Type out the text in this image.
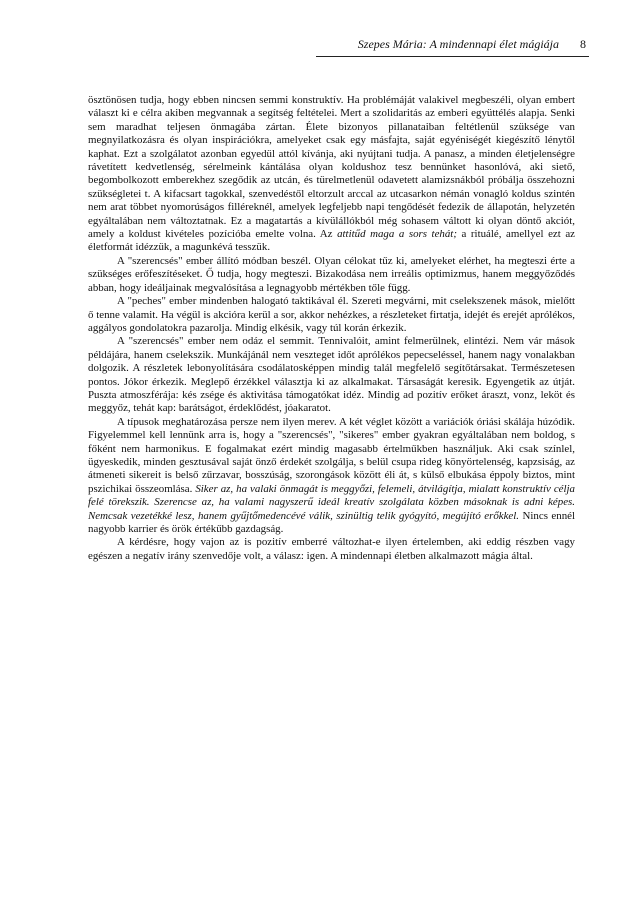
Szepes Mária: A mindennapi élet mágiája 8

ösztönösen tudja, hogy ebben nincsen semmi konstruktív. Ha problémáját valakivel megbeszéli, olyan embert választ ki e célra akiben megvannak a segítség feltételei. Mert a szolidaritás az emberi együttélés alapja. Senki sem maradhat teljesen önmagába zártan. Élete bizonyos pillanataiban feltétlenül szüksége van megnyilatkozásra és olyan inspirációkra, amelyeket csak egy másfajta, saját egyéniségét kiegészítő lénytől kaphat. Ezt a szolgálatot azonban egyedül attól kívánja, aki nyújtani tudja. A panasz, a minden életjelenségre rávetített kedvetlenség, sérelmeink kántálása olyan koldushoz tesz bennünket hasonlóvá, aki siető, begombolkozott emberekhez szegődik az utcán, és türelmetlenül odavetett alamizsnákból próbálja összehozni szükségletei t. A kifacsart tagokkal, szenvedéstől eltorzult arccal az utcasarkon némán vonagló koldus szintén nem arat többet nyomorúságos filléreknél, amelyek legfeljebb napi tengődését fedezik de állapotán, helyzetén egyáltalában nem változtatnak. Ez a magatartás a kívülállókból még sohasem váltott ki olyan döntő akciót, amely a koldust kivételes pozícióba emelte volna. Az attitűd maga a sors tehát; a rituálé, amellyel ezt az életformát idézzük, a magunkévá tesszük.

A "szerencsés" ember állító módban beszél. Olyan célokat tűz ki, amelyeket elérhet, ha megteszi érte a szükséges erőfeszítéseket. Ő tudja, hogy megteszi. Bizakodása nem irreális optimizmus, hanem meggyőződés abban, hogy ideáljainak megvalósítása a legnagyobb mértékben tőle függ.

A "peches" ember mindenben halogató taktikával él. Szereti megvárni, mit cselekszenek mások, mielőtt ő tenne valamit. Ha végül is akcióra kerül a sor, akkor nehézkes, a részleteket firtatja, idejét és erejét aprólékos, aggályos gondolatokra pazarolja. Mindig elkésik, vagy túl korán érkezik.

A "szerencsés" ember nem odáz el semmit. Tennivalóit, amint felmerülnek, elintézi. Nem vár mások példájára, hanem cselekszik. Munkájánál nem veszteget időt aprólékos pepecseléssel, hanem nagy vonalakban dolgozik. A részletek lebonyolítására csodálatosképpen mindig talál megfelelő segítőtársakat. Természetesen pontos. Jókor érkezik. Meglepő érzékkel választja ki az alkalmakat. Társaságát keresik. Egyengetik az útját. Puszta atmoszférája: kés zsége és aktivitása támogatókat idéz. Mindig ad pozitív erőket áraszt, vonz, leköt és meggyőz, tehát kap: barátságot, érdeklődést, jóakaratot.

A típusok meghatározása persze nem ilyen merev. A két véglet között a variációk óriási skálája húzódik. Figyelemmel kell lennünk arra is, hogy a "szerencsés", "sikeres" ember gyakran egyáltalában nem boldog, s főként nem harmonikus. E fogalmakat ezért mindig magasabb értelműkben használjuk. Aki csak színlel, ügyeskedik, minden gesztusával saját önző érdekét szolgálja, s belül csupa rideg könyörtelenség, kapzsiság, az átmeneti sikereit is belső zűrzavar, bosszúság, szorongások között éli át, s külső elbukása éppoly biztos, mint pszichikai összeomlása. Siker az, ha valaki önmagát is meggyőzi, felemeli, átvilágítja, mialatt konstruktív célja felé törekszik. Szerencse az, ha valami nagyszerű ideál kreatív szolgálata közben másoknak is adni képes. Nemcsak vezetékké lesz, hanem gyűjtőmedencévé válik, szinültig telik gyógyító, megújító erőkkel. Nincs ennél nagyobb karrier és örök értékűbb gazdagság.

A kérdésre, hogy vajon az is pozitív emberré változhat-e ilyen értelemben, aki eddig részben vagy egészen a negatív irány szenvedője volt, a válasz: igen. A mindennapi életben alkalmazott mágia által.
